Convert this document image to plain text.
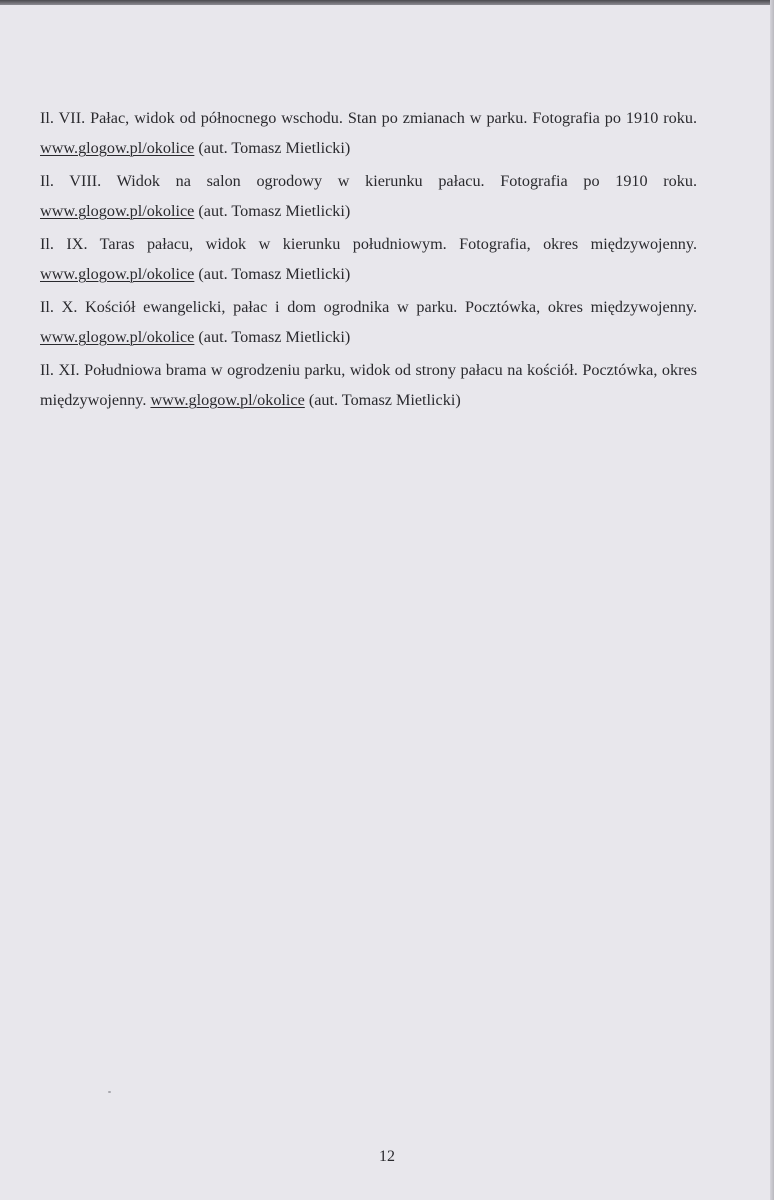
Il. VII. Pałac, widok od północnego wschodu. Stan po zmianach w parku. Fotografia po 1910 roku. www.glogow.pl/okolice (aut. Tomasz Mietlicki)

Il. VIII. Widok na salon ogrodowy w kierunku pałacu. Fotografia po 1910 roku. www.glogow.pl/okolice (aut. Tomasz Mietlicki)

Il. IX. Taras pałacu, widok w kierunku południowym. Fotografia, okres międzywojenny. www.glogow.pl/okolice (aut. Tomasz Mietlicki)

Il. X. Kościół ewangelicki, pałac i dom ogrodnika w parku. Pocztówka, okres międzywojenny. www.glogow.pl/okolice (aut. Tomasz Mietlicki)

Il. XI. Południowa brama w ogrodzeniu parku, widok od strony pałacu na kościół. Pocztówka, okres międzywojenny. www.glogow.pl/okolice (aut. Tomasz Mietlicki)

12
